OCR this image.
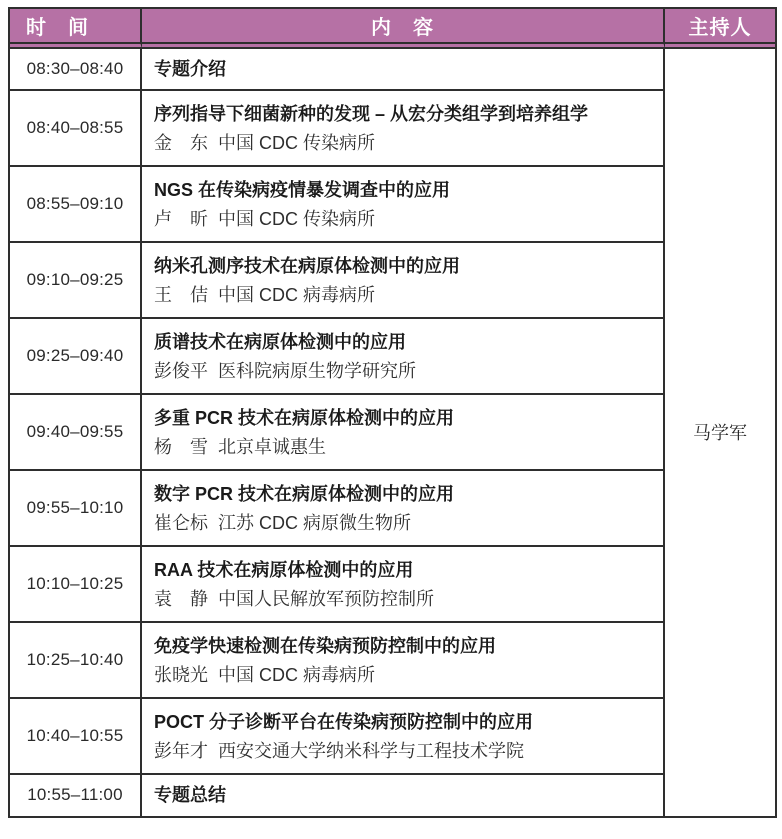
时　间	内　容	主持人
08:30–08:40	专题介绍	马学军
08:40–08:55	序列指导下细菌新种的发现 – 从宏分类组学到培养组学
金　东  中国 CDC 传染病所	

08:55–09:10	NGS 在传染病疫情暴发调查中的应用
卢　昕  中国 CDC 传染病所	

09:10–09:25	纳米孔测序技术在病原体检测中的应用
王　佶  中国 CDC 病毒病所	

09:25–09:40	质谱技术在病原体检测中的应用
彭俊平  医科院病原生物学研究所	

09:40–09:55	多重 PCR 技术在病原体检测中的应用
杨　雪  北京卓诚惠生	

09:55–10:10	数字 PCR 技术在病原体检测中的应用
崔仑标  江苏 CDC 病原微生物所	

10:10–10:25	RAA 技术在病原体检测中的应用
袁　静  中国人民解放军预防控制所	

10:25–10:40	免疫学快速检测在传染病预防控制中的应用
张晓光  中国 CDC 病毒病所	

10:40–10:55	POCT 分子诊断平台在传染病预防控制中的应用
彭年才  西安交通大学纳米科学与工程技术学院	

10:55–11:00	专题总结	
